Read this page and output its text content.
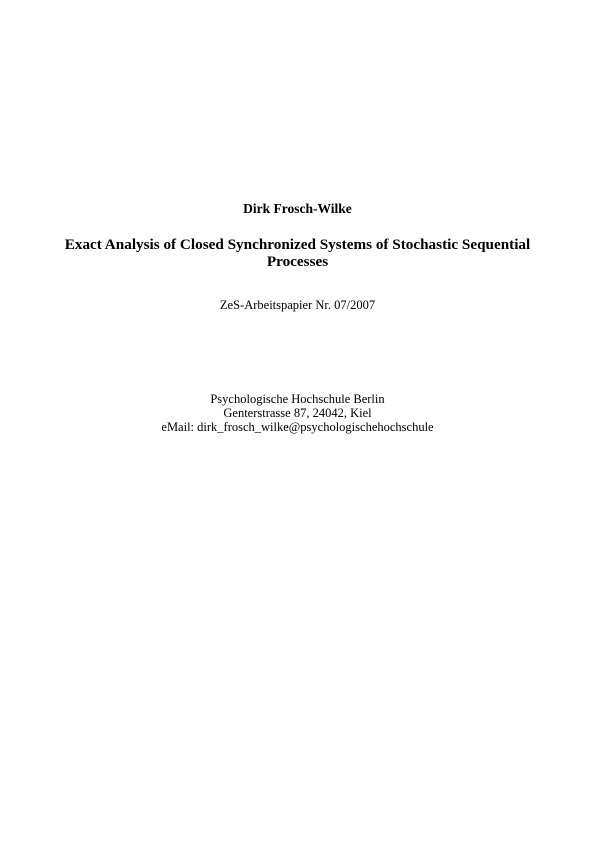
Dirk Frosch-Wilke
Exact Analysis of Closed Synchronized Systems of Stochastic Sequential
Processes
ZeS-Arbeitspapier Nr. 07/2007
Psychologische Hochschule Berlin
Genterstrasse 87, 24042, Kiel
eMail: dirk_frosch_wilke@psychologischehochschule
